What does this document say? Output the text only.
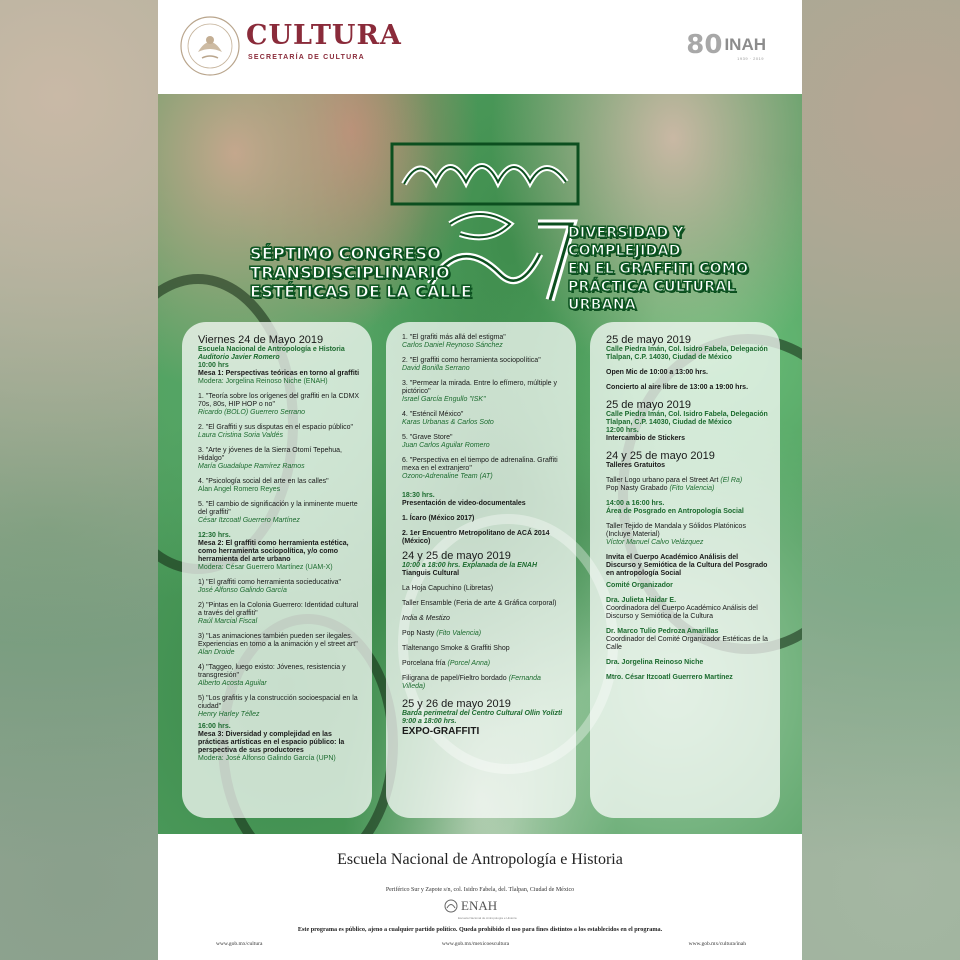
CULTURA
SECRETARÍA DE CULTURA	80 INAH
1939 · 2019
SÉPTIMO CONGRESO
TRANSDISCIPLINARIO
ESTÉTICAS DE LA CALLE
DIVERSIDAD Y
COMPLEJIDAD
EN EL GRAFFITI COMO
PRÁCTICA CULTURAL
URBANA
Escuela Nacional de Antropología e Historia
Periférico Sur y Zapote s/n, col. Isidro Fabela, del. Tlalpan, Ciudad de México
ENAH
Escuela Nacional de Antropología e Historia
Este programa es público, ajeno a cualquier partido político. Queda prohibido el uso para fines distintos a los establecidos en el programa.
www.gob.mx/cultura	www.gob.mx/mexicoescultura	www.gob.mx/cultura/inah
Viernes 24 de Mayo 2019
Escuela Nacional de Antropología e Historia
Auditorio Javier Romero
10:00 hrs
Mesa 1: Perspectivas teóricas en torno al graffiti
Modera: Jorgelina Reinoso Niche (ENAH)
1. "Teoría sobre los orígenes del graffiti en la CDMX 70s, 80s, HIP HOP o no"
Ricardo (BOLO) Guerrero Serrano
2. "El Graffiti y sus disputas en el espacio público"
Laura Cristina Soria Valdés
3. "Arte y jóvenes de la Sierra Otomí Tepehua, Hidalgo"
María Guadalupe Ramírez Ramos
4. "Psicología social del arte en las calles"
Alan Angel Romero Reyes
5. "El cambio de significación y la inminente muerte del graffiti"
César Itzcoatl Guerrero Martínez
12:30 hrs.
Mesa 2: El graffiti como herramienta estética, como herramienta sociopolítica, y/o como herramienta del arte urbano
Modera: César Guerrero Martínez (UAM-X)
1) "El graffiti como herramienta socieducativa"
José Alfonso Galindo García
2) "Pintas en la Colonia Guerrero: Identidad cultural a través del graffiti"
Raúl Marcial Fiscal
3) "Las animaciones también pueden ser ilegales. Experiencias en torno a la animación y el street art"
Alan Droide
4) "Taggeo, luego existo: Jóvenes, resistencia y transgresión"
Alberto Acosta Aguilar
5) "Los grafitis y la construcción socioespacial en la ciudad"
Henry Harley Téllez
16:00 hrs.
Mesa 3: Diversidad y complejidad en las prácticas artísticas en el espacio público: la perspectiva de sus productores
Modera: José Alfonso Galindo García (UPN)
1. "El grafiti más allá del estigma"
Carlos Daniel Reynoso Sánchez
2. "El graffiti como herramienta sociopolítica"
David Bonilla Serrano
3. "Permear la mirada. Entre lo efímero, múltiple y pictórico"
Israel García Engullo "ISK"
4. "Esténcil México"
Karas Urbanas & Carlos Soto
5. "Grave Store"
Juan Carlos Aguilar Romero
6. "Perspectiva en el tiempo de adrenalina. Graffiti mexa en el extranjero"
Ozono-Adrenaline Team (AT)
18:30 hrs.
Presentación de video-documentales
1. Ícaro (México 2017)
2. 1er Encuentro Metropolitano de ACÁ 2014 (México)
24 y 25 de mayo 2019
10:00 a 18:00 hrs. Explanada de la ENAH
Tianguis Cultural
La Hoja Capuchino (Libretas)
Taller Ensamble (Feria de arte & Gráfica corporal)
India & Mestizo
Pop Nasty (Fito Valencia)
Tlaltenango Smoke & Graffiti Shop
Porcelana fría (Porcel Anna)
Filigrana de papel/Fieltro bordado (Fernanda Villeda)
25 y 26 de mayo 2019
Barda perimetral del Centro Cultural Ollin Yolizti
9:00 a 18:00 hrs.
EXPO-GRAFFITI
25 de mayo 2019
Calle Piedra Imán, Col. Isidro Fabela, Delegación Tlalpan, C.P. 14030, Ciudad de México
Open Mic de 10:00 a 13:00 hrs.
Concierto al aire libre de 13:00 a 19:00 hrs.
25 de mayo 2019
Calle Piedra Imán, Col. Isidro Fabela, Delegación Tlalpan, C.P. 14030, Ciudad de México
12:00 hrs.
Intercambio de Stickers
24 y 25 de mayo 2019
Talleres Gratuitos
Taller Logo urbano para el Street Art (El Ra)
Pop Nasty Grabado (Fito Valencia)
14:00 a 16:00 hrs.
Área de Posgrado en Antropología Social
Taller Tejido de Mandala y Sólidos Platónicos (Incluye Material)
Víctor Manuel Calvo Velázquez
Invita el Cuerpo Académico Análisis del Discurso y Semiótica de la Cultura del Posgrado en antropología Social
Comité Organizador
Dra. Julieta Haidar E.
Coordinadora del Cuerpo Académico Análisis del Discurso y Semiótica de la Cultura
Dr. Marco Tulio Pedroza Amarillas
Coordinador del Comité Organizador Estéticas de la Calle
Dra. Jorgelina Reinoso Niche
Mtro. César Itzcoatl Guerrero Martínez
